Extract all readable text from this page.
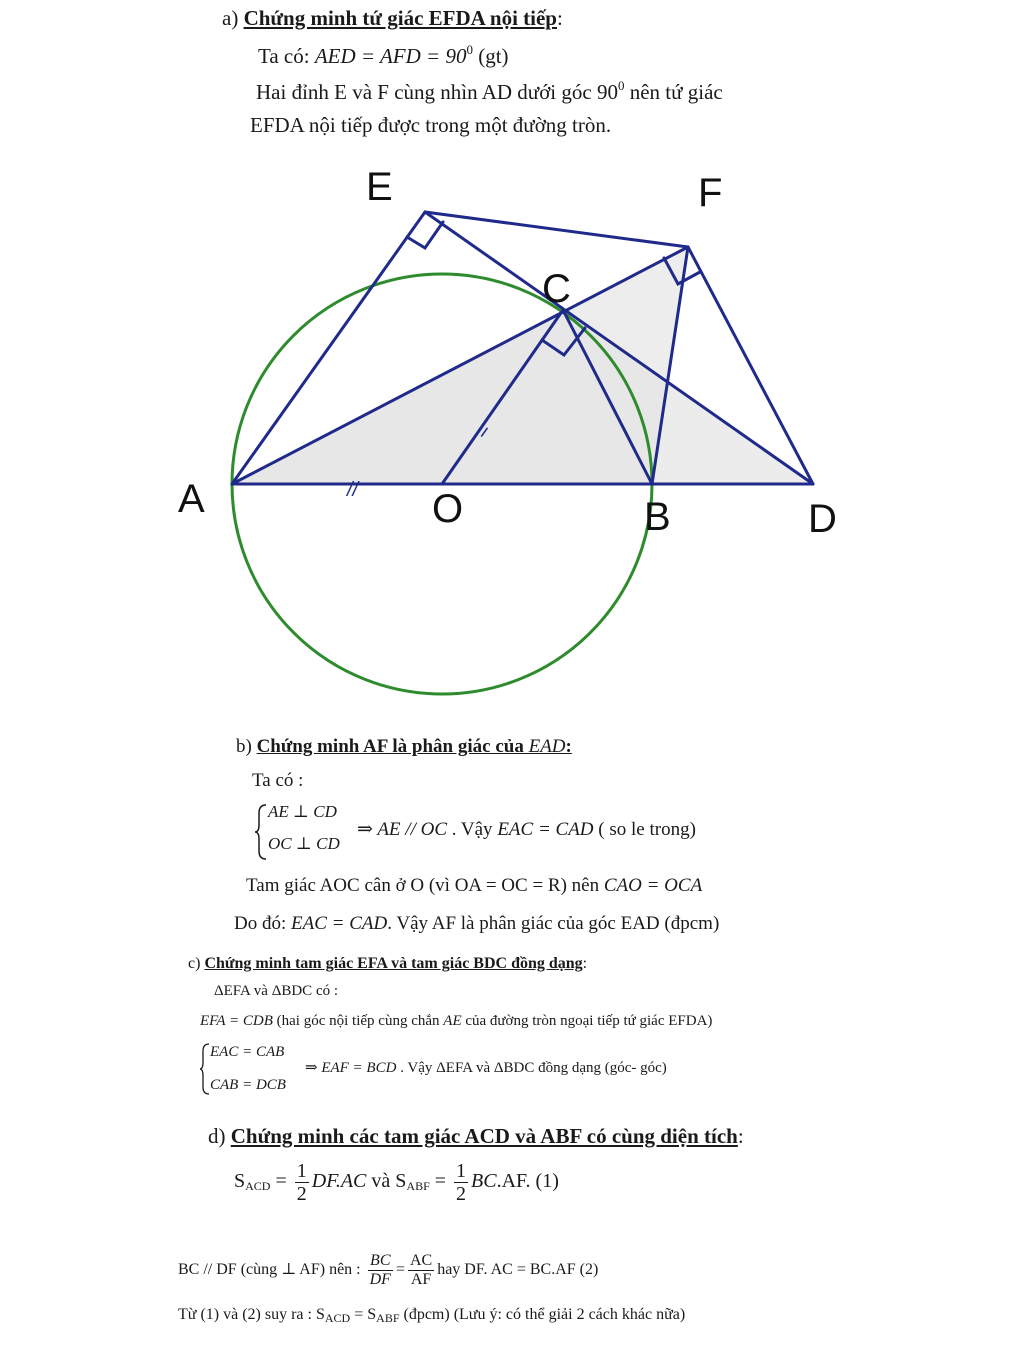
a) Chứng minh tứ giác EFDA nội tiếp:
Ta có: AED = AFD = $90^0$ (gt)
Hai đỉnh E và F cùng nhìn AD dưới góc $90^0$ nên tứ giác
EFDA nội tiếp được trong một đường tròn.
//
=
E	F
C
A	O	B	D
b) Chứng minh AF là phân giác của EAD:
Ta có :
AE ⊥ CD
OC ⊥ CD
⇒ AE // OC . Vậy EAC = CAD ( so le trong)
Tam giác AOC cân ở O (vì OA = OC = R) nên CAO = OCA
Do đó: EAC = CAD. Vậy AF là phân giác của góc EAD (đpcm)
c) Chứng minh tam giác EFA và tam giác BDC đồng dạng:
ΔEFA và ΔBDC có :
EFA = CDB (hai góc nội tiếp cùng chắn AE của đường tròn ngoại tiếp tứ giác EFDA)
EAC = CAB
CAB = DCB
⇒ EAF = BCD . Vậy ΔEFA và ΔBDC đồng dạng (góc- góc)
d) Chứng minh các tam giác ACD và ABF có cùng diện tích:
$S_{ACD} = \frac{1}{2} DF.AC$ và $S_{ABF} = \frac{1}{2} BC.AF$. (1)
BC // DF (cùng ⊥ AF) nên : $\frac{BC}{DF} = \frac{AC}{AF}$ hay DF. AC = BC.AF (2)
Từ (1) và (2) suy ra : $S_{ACD} = S_{ABF}$ (đpcm) (Lưu ý: có thể giải 2 cách khác nữa)
